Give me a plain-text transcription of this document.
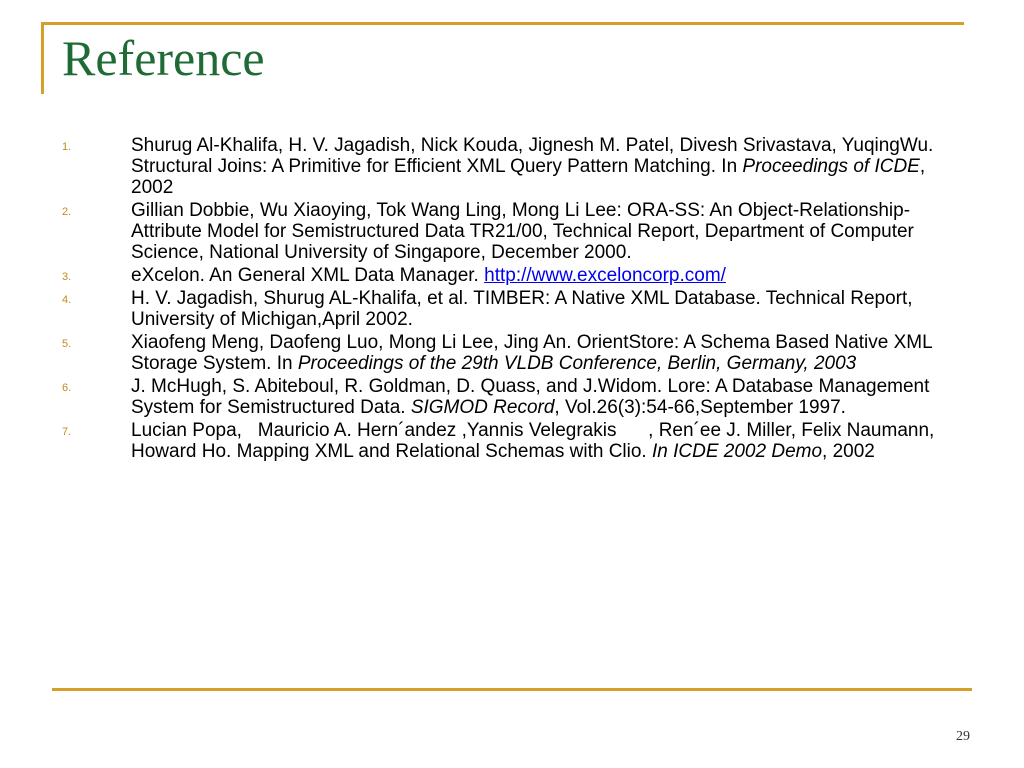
Reference
1.	Shurug Al-Khalifa, H. V. Jagadish, Nick Kouda, Jignesh M. Patel, Divesh Srivastava, YuqingWu. Structural Joins: A Primitive for Efficient XML Query Pattern Matching. In Proceedings of ICDE, 2002
2.	Gillian Dobbie, Wu Xiaoying, Tok Wang Ling, Mong Li Lee: ORA-SS: An Object-Relationship-Attribute Model for Semistructured Data TR21/00, Technical Report, Department of Computer Science, National University of Singapore, December 2000.
3.	eXcelon. An General XML Data Manager. http://www.exceloncorp.com/
4.	H. V. Jagadish, Shurug AL-Khalifa, et al. TIMBER: A Native XML Database. Technical Report, University of Michigan,April 2002.
5.	Xiaofeng Meng, Daofeng Luo, Mong Li Lee, Jing An. OrientStore: A Schema Based Native XML Storage System. In Proceedings of the 29th VLDB Conference, Berlin, Germany, 2003
6.	J. McHugh, S. Abiteboul, R. Goldman, D. Quass, and J.Widom. Lore: A Database Management System for Semistructured Data. SIGMOD Record, Vol.26(3):54-66,September 1997.
7.	Lucian Popa,   Mauricio A. Hern´andez ,Yannis Velegrakis      , Ren´ee J. Miller, Felix Naumann, Howard Ho. Mapping XML and Relational Schemas with Clio. In ICDE 2002 Demo, 2002
29
